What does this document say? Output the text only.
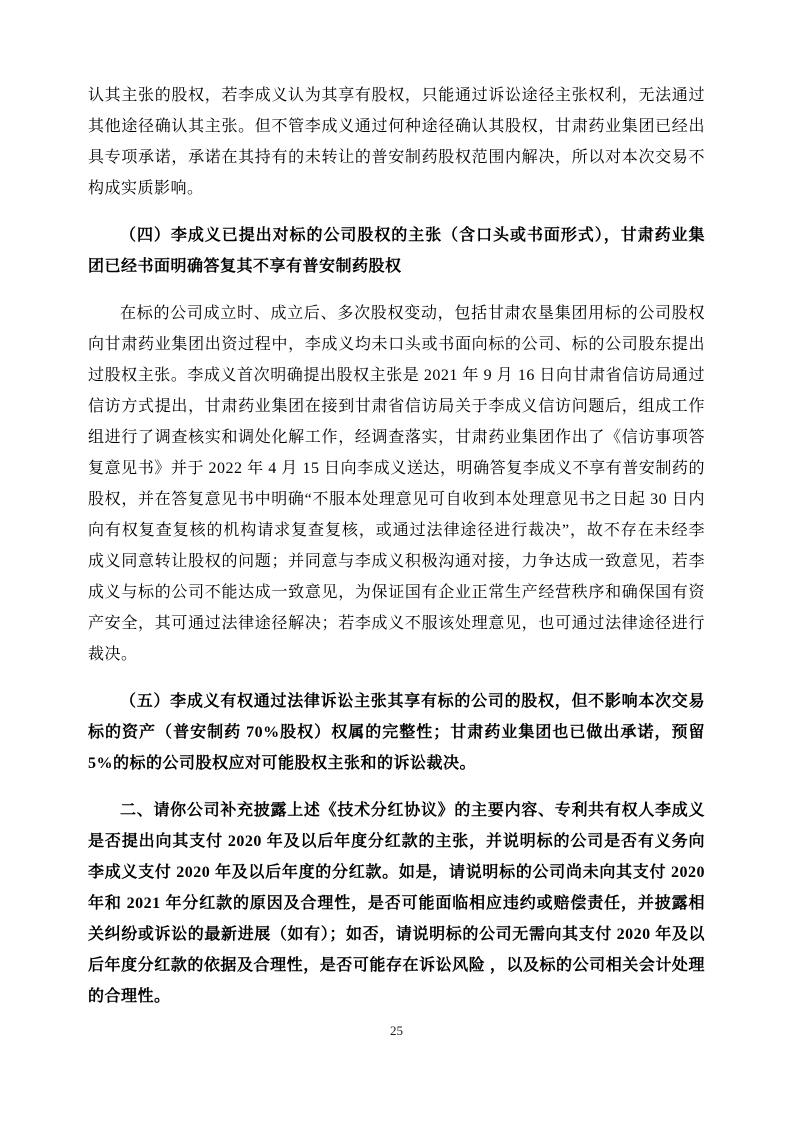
认其主张的股权，若李成义认为其享有股权，只能通过诉讼途径主张权利，无法通过其他途径确认其主张。但不管李成义通过何种途径确认其股权，甘肃药业集团已经出具专项承诺，承诺在其持有的未转让的普安制药股权范围内解决，所以对本次交易不构成实质影响。

（四）李成义已提出对标的公司股权的主张（含口头或书面形式），甘肃药业集团已经书面明确答复其不享有普安制药股权

在标的公司成立时、成立后、多次股权变动，包括甘肃农垦集团用标的公司股权向甘肃药业集团出资过程中，李成义均未口头或书面向标的公司、标的公司股东提出过股权主张。李成义首次明确提出股权主张是 2021 年 9 月 16 日向甘肃省信访局通过信访方式提出，甘肃药业集团在接到甘肃省信访局关于李成义信访问题后，组成工作组进行了调查核实和调处化解工作，经调查落实，甘肃药业集团作出了《信访事项答复意见书》并于 2022 年 4 月 15 日向李成义送达，明确答复李成义不享有普安制药的股权，并在答复意见书中明确“不服本处理意见可自收到本处理意见书之日起 30 日内向有权复查复核的机构请求复查复核，或通过法律途径进行裁决”，故不存在未经李成义同意转让股权的问题；并同意与李成义积极沟通对接，力争达成一致意见，若李成义与标的公司不能达成一致意见，为保证国有企业正常生产经营秩序和确保国有资产安全，其可通过法律途径解决；若李成义不服该处理意见，也可通过法律途径进行裁决。

（五）李成义有权通过法律诉讼主张其享有标的公司的股权，但不影响本次交易标的资产（普安制药 70%股权）权属的完整性；甘肃药业集团也已做出承诺，预留 5%的标的公司股权应对可能股权主张和的诉讼裁决。

二、请你公司补充披露上述《技术分红协议》的主要内容、专利共有权人李成义是否提出向其支付 2020 年及以后年度分红款的主张，并说明标的公司是否有义务向李成义支付 2020 年及以后年度的分红款。如是，请说明标的公司尚未向其支付 2020 年和 2021 年分红款的原因及合理性，是否可能面临相应违约或赔偿责任，并披露相关纠纷或诉讼的最新进展（如有）；如否，请说明标的公司无需向其支付 2020 年及以后年度分红款的依据及合理性，是否可能存在诉讼风险 ，以及标的公司相关会计处理的合理性。

25
